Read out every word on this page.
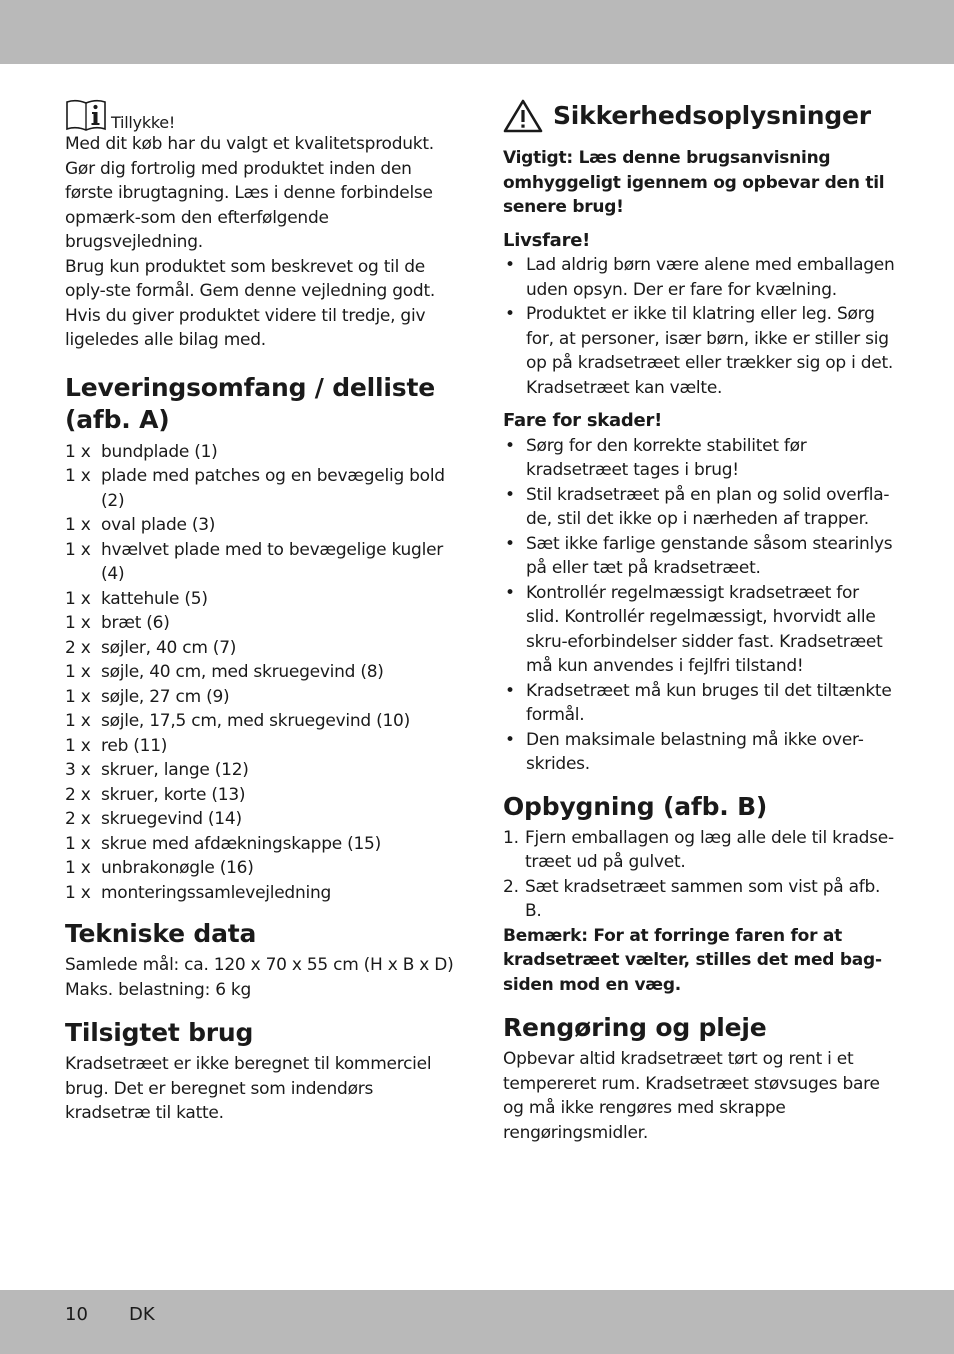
Tillykke!

Med dit køb har du valgt et kvalitetsprodukt. Gør dig fortrolig med produktet inden den første ibrugtagning. Læs i denne forbindelse opmærk-som den efterfølgende brugsvejledning.

Brug kun produktet som beskrevet og til de oply-ste formål. Gem denne vejledning godt. Hvis du giver produktet videre til tredje, giv ligeledes alle bilag med.

Leveringsomfang / delliste (afb. A)
1 x bundplade (1)
1 x plade med patches og en bevægelig bold (2)
1 x oval plade (3)
1 x hvælvet plade med to bevægelige kugler (4)
1 x kattehule (5)
1 x bræt (6)
2 x søjler, 40 cm (7)
1 x søjle, 40 cm, med skruegevind (8)
1 x søjle, 27 cm (9)
1 x søjle, 17,5 cm, med skruegevind (10)
1 x reb (11)
3 x skruer, lange (12)
2 x skruer, korte (13)
2 x skruegevind (14)
1 x skrue med afdækningskappe (15)
1 x unbrakonøgle (16)
1 x monteringssamlevejledning
Tekniske data

Samlede mål: ca. 120 x 70 x 55 cm (H x B x D)

Maks. belastning: 6 kg

Tilsigtet brug

Kradsetræet er ikke beregnet til kommerciel brug. Det er beregnet som indendørs kradsetræ til katte.

Sikkerhedsoplysninger

Vigtigt: Læs denne brugsanvisning omhyggeligt igennem og opbevar den til senere brug!

Livsfare!
• Lad aldrig børn være alene med emballagen uden opsyn. Der er fare for kvælning.
• Produktet er ikke til klatring eller leg. Sørg for, at personer, især børn, ikke er stiller sig op på kradsetræet eller trækker sig op i det. Kradsetræet kan vælte.
Fare for skader!
• Sørg for den korrekte stabilitet før kradsetræet tages i brug!
• Stil kradsetræet på en plan og solid overfla-de, stil det ikke op i nærheden af trapper.
• Sæt ikke farlige genstande såsom stearinlys på eller tæt på kradsetræet.
• Kontrollér regelmæssigt kradsetræet for slid. Kontrollér regelmæssigt, hvorvidt alle skru-eforbindelser sidder fast. Kradsetræet må kun anvendes i fejlfri tilstand!
• Kradsetræet må kun bruges til det tiltænkte formål.
• Den maksimale belastning må ikke over-skrides.
Opbygning (afb. B)
1. Fjern emballagen og læg alle dele til kradse-træet ud på gulvet.
2. Sæt kradsetræet sammen som vist på afb. B.

Bemærk: For at forringe faren for at kradsetræet vælter, stilles det med bag-siden mod en væg.

Rengøring og pleje

Opbevar altid kradsetræet tørt og rent i et tempereret rum. Kradsetræet støvsuges bare og må ikke rengøres med skrappe rengøringsmidler.

10 DK
